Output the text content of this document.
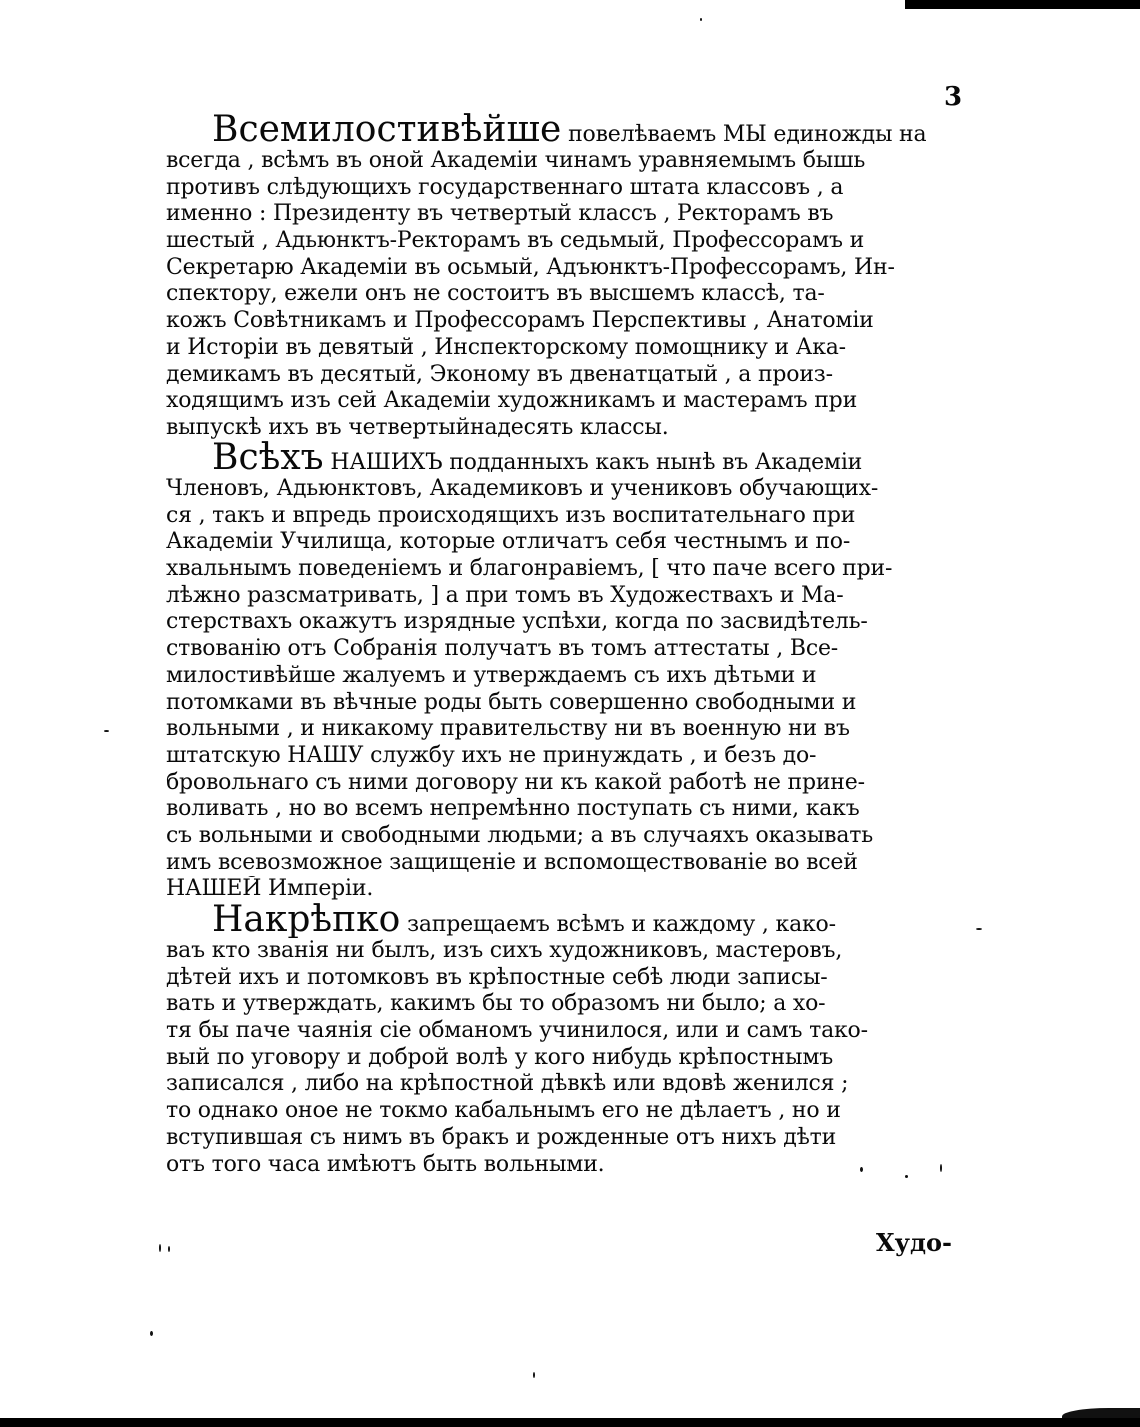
3
Всемилостивѣйше повелѣваемъ МЫ единожды на
всегда , всѣмъ въ оной Академiи чинамъ уравняемымъ бышь
противъ слѣдующихъ государственнаго штата классовъ , а
именно : Президенту въ четвертый классъ , Ректорамъ въ
шестый , Адьюнктъ-Ректорамъ въ седьмый, Профессорамъ и
Секретарю Академiи въ осьмый, Адъюнктъ-Профессорамъ, Ин-
спектору, ежели онъ не состоитъ въ высшемъ классѣ, та-
кожъ Совѣтникамъ и Профессорамъ Перспективы , Анатомiи
и Исторiи въ девятый , Инспекторскому помощнику и Ака-
демикамъ въ десятый, Эконому въ двенатцатый , а произ-
ходящимъ изъ сей Академiи художникамъ и мастерамъ при
выпускѣ ихъ въ четвертыйнадесять классы.
Всѣхъ НАШИХЪ подданныхъ какъ нынѣ въ Академiи
Членовъ, Адьюнктовъ, Академиковъ и учениковъ обучающих-
ся , такъ и впредь происходящихъ изъ воспитательнаго при
Академiи Училища, которые отличатъ себя честнымъ и по-
хвальнымъ поведенiемъ и благонравiемъ, [ что паче всего при-
лѣжно разсматривать, ] а при томъ въ Художествахъ и Ма-
стерствахъ окажутъ изрядные успѣхи, когда по засвидѣтель-
ствованiю отъ Собранiя получатъ въ томъ аттестаты , Все-
милостивѣйше жалуемъ и утверждаемъ съ ихъ дѣтьми и
потомками въ вѣчные роды быть совершенно свободными и
вольными , и никакому правительству ни въ военную ни въ
штатскую НАШУ службу ихъ не принуждать , и безъ до-
бровольнаго съ ними договору ни къ какой работѣ не прине-
воливать , но во всемъ непремѣнно поступать съ ними, какъ
съ вольными и свободными людьми; а въ случаяхъ оказывать
имъ всевозможное защищенiе и вспомоществованiе во всей
НАШЕЙ Имперiи.
Накрѣпко запрещаемъ всѣмъ и каждому , како-
ваъ кто званiя ни былъ, изъ сихъ художниковъ, мастеровъ,
дѣтей ихъ и потомковъ въ крѣпостные себѣ люди записы-
вать и утверждать, какимъ бы то образомъ ни было; а хо-
тя бы паче чаянiя сiе обманомъ учинилося, или и самъ тако-
вый по уговору и доброй волѣ у кого нибудь крѣпостнымъ
записался , либо на крѣпостной дѣвкѣ или вдовѣ женился ;
то однако оное не токмо кабальнымъ его не дѣлаетъ , но и
вступившая съ нимъ въ бракъ и рожденные отъ нихъ дѣти
отъ того часа имѣютъ быть вольными.
Худо-
